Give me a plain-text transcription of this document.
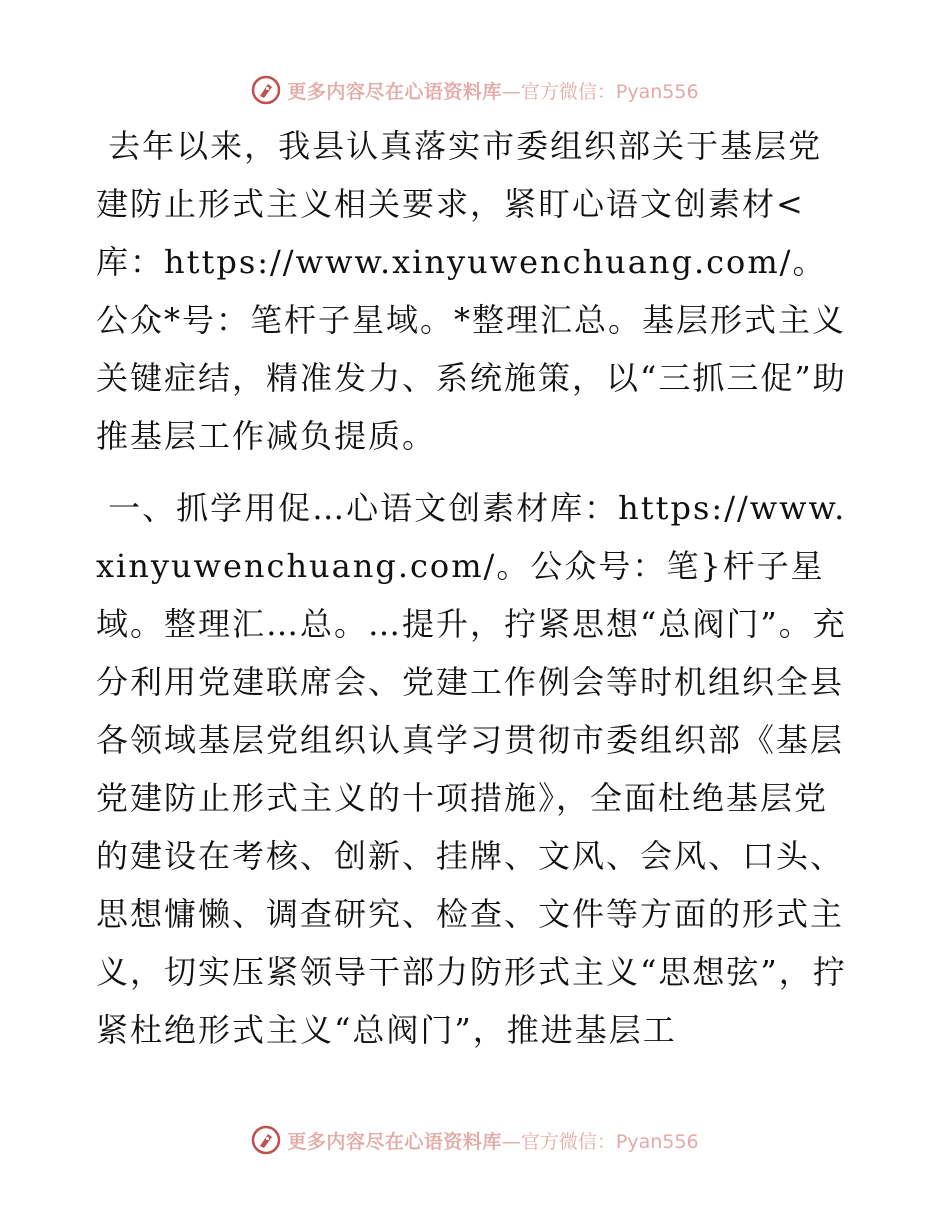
更多内容尽在心语资料库 —官方微信：Pyan556

去年以来，我县认真落实市委组织部关于基层党建防止形式主义相关要求，紧盯心语文创素材<库：https://www.xinyuwenchuang.com/。公众*号：笔杆子星域。*整理汇总。基层形式主义关键症结，精准发力、系统施策，以“三抓三促”助推基层工作减负提质。

一、抓学用促…心语文创素材库：https://www.xinyuwenchuang.com/。公众号：笔}杆子星域。整理汇…总。…提升，拧紧思想“总阀门”。充分利用党建联席会、党建工作例会等时机组织全县各领域基层党组织认真学习贯彻市委组织部《基层党建防止形式主义的十项措施》，全面杜绝基层党的建设在考核、创新、挂牌、文风、会风、口头、思想慵懒、调查研究、检查、文件等方面的形式主义，切实压紧领导干部力防形式主义“思想弦”，拧紧杜绝形式主义“总阀门”，推进基层工

更多内容尽在心语资料库 —官方微信：Pyan556
